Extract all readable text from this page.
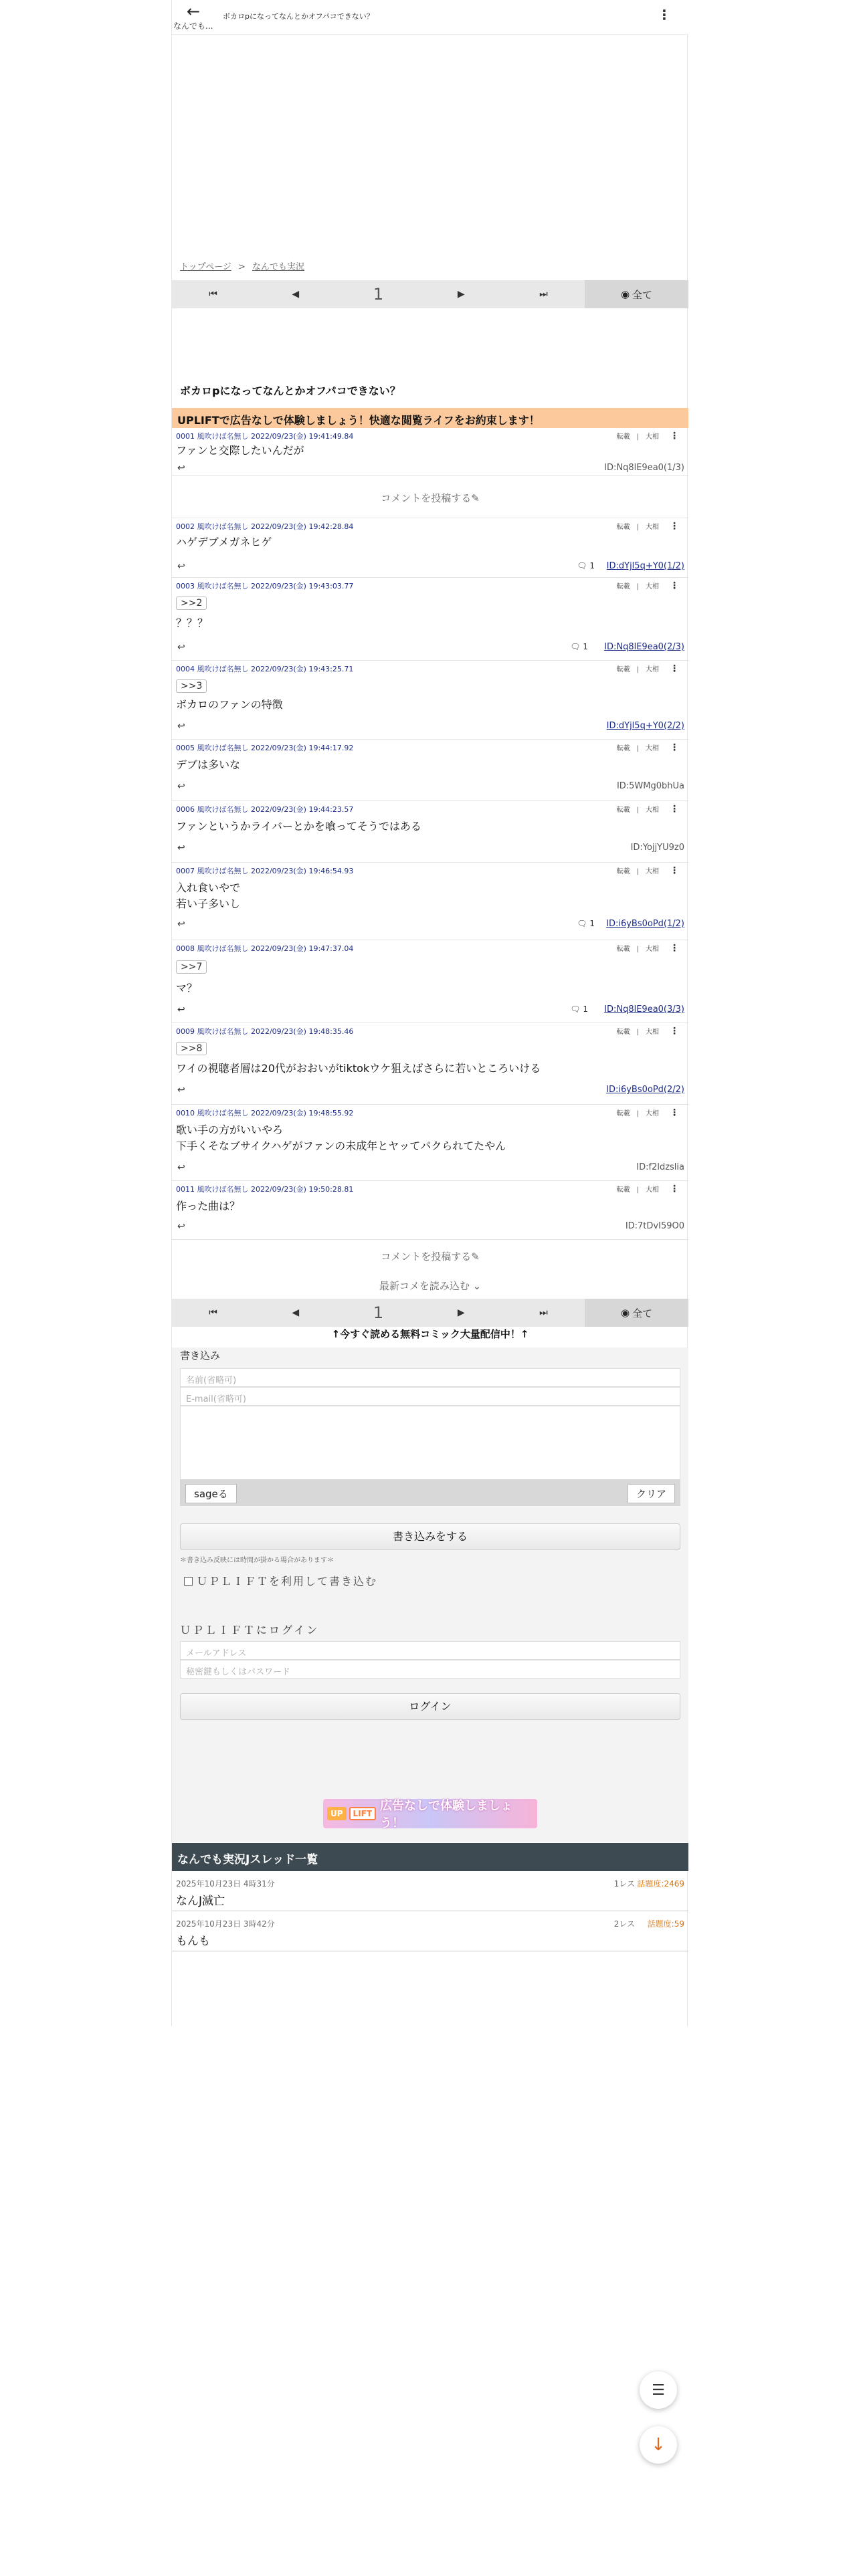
←
なんでも...
ボカロpになってなんとかオフパコできない？	⋮
トップページ > なんでも実況
⏮	◀	1	▶	⏭	◉ 全て
ボカロpになってなんとかオフパコできない？
UPLIFTで広告なしで体験しましょう！快適な閲覧ライフをお約束します！
0001 風吹けば名無し 2022/09/23(金) 19:41:49.84	転載 | 大相 ⋮
ファンと交際したいんだが
↩	ID:Nq8lE9ea0(1/3)
コメントを投稿する✎
0002 風吹けば名無し 2022/09/23(金) 19:42:28.84	転載 | 大相 ⋮
ハゲデブメガネヒゲ
↩	🗨 1 ID:dYjl5q+Y0(1/2)
0003 風吹けば名無し 2022/09/23(金) 19:43:03.77	転載 | 大相 ⋮
>>2
？？？
↩	🗨 1 ID:Nq8lE9ea0(2/3)
0004 風吹けば名無し 2022/09/23(金) 19:43:25.71	転載 | 大相 ⋮
>>3
ボカロのファンの特徴
↩	ID:dYjl5q+Y0(2/2)
0005 風吹けば名無し 2022/09/23(金) 19:44:17.92	転載 | 大相 ⋮
デブは多いな
↩	ID:5WMg0bhUa
0006 風吹けば名無し 2022/09/23(金) 19:44:23.57	転載 | 大相 ⋮
ファンというかライバーとかを喰ってそうではある
↩	ID:YojjYU9z0
0007 風吹けば名無し 2022/09/23(金) 19:46:54.93	転載 | 大相 ⋮
入れ食いやで
若い子多いし
↩	🗨 1 ID:i6yBs0oPd(1/2)
0008 風吹けば名無し 2022/09/23(金) 19:47:37.04	転載 | 大相 ⋮
>>7
マ？
↩	🗨 1 ID:Nq8lE9ea0(3/3)
0009 風吹けば名無し 2022/09/23(金) 19:48:35.46	転載 | 大相 ⋮
>>8
ワイの視聴者層は20代がおおいがtiktokウケ狙えばさらに若いところいける
↩	ID:i6yBs0oPd(2/2)
0010 風吹けば名無し 2022/09/23(金) 19:48:55.92	転載 | 大相 ⋮
歌い手の方がいいやろ
下手くそなブサイクハゲがファンの未成年とヤッてパクられてたやん
↩	ID:f2ldzslia
0011 風吹けば名無し 2022/09/23(金) 19:50:28.81	転載 | 大相 ⋮
作った曲は？
↩	ID:7tDvI59O0
コメントを投稿する✎
最新コメを読み込む ⌄
⏮	◀	1	▶	⏭	◉ 全て
↑今すぐ読める無料コミック大量配信中！↑
書き込み
名前(省略可)
E-mail(省略可)
sageる	クリア
書き込みをする
＊書き込み反映には時間が掛かる場合があります＊
ＵＰＬＩＦＴを利用して書き込む
ＵＰＬＩＦＴにログイン
メールアドレス
秘密鍵もしくはパスワード
ログイン
UP	LIFT
広告なしで体験しましょう！
なんでも実況Jスレッド一覧
2025年10月23日 4時31分
なんJ滅亡
1レス 話題度:2469
2025年10月23日 3時42分
もんも
2レス 話題度:59
☰
↓
